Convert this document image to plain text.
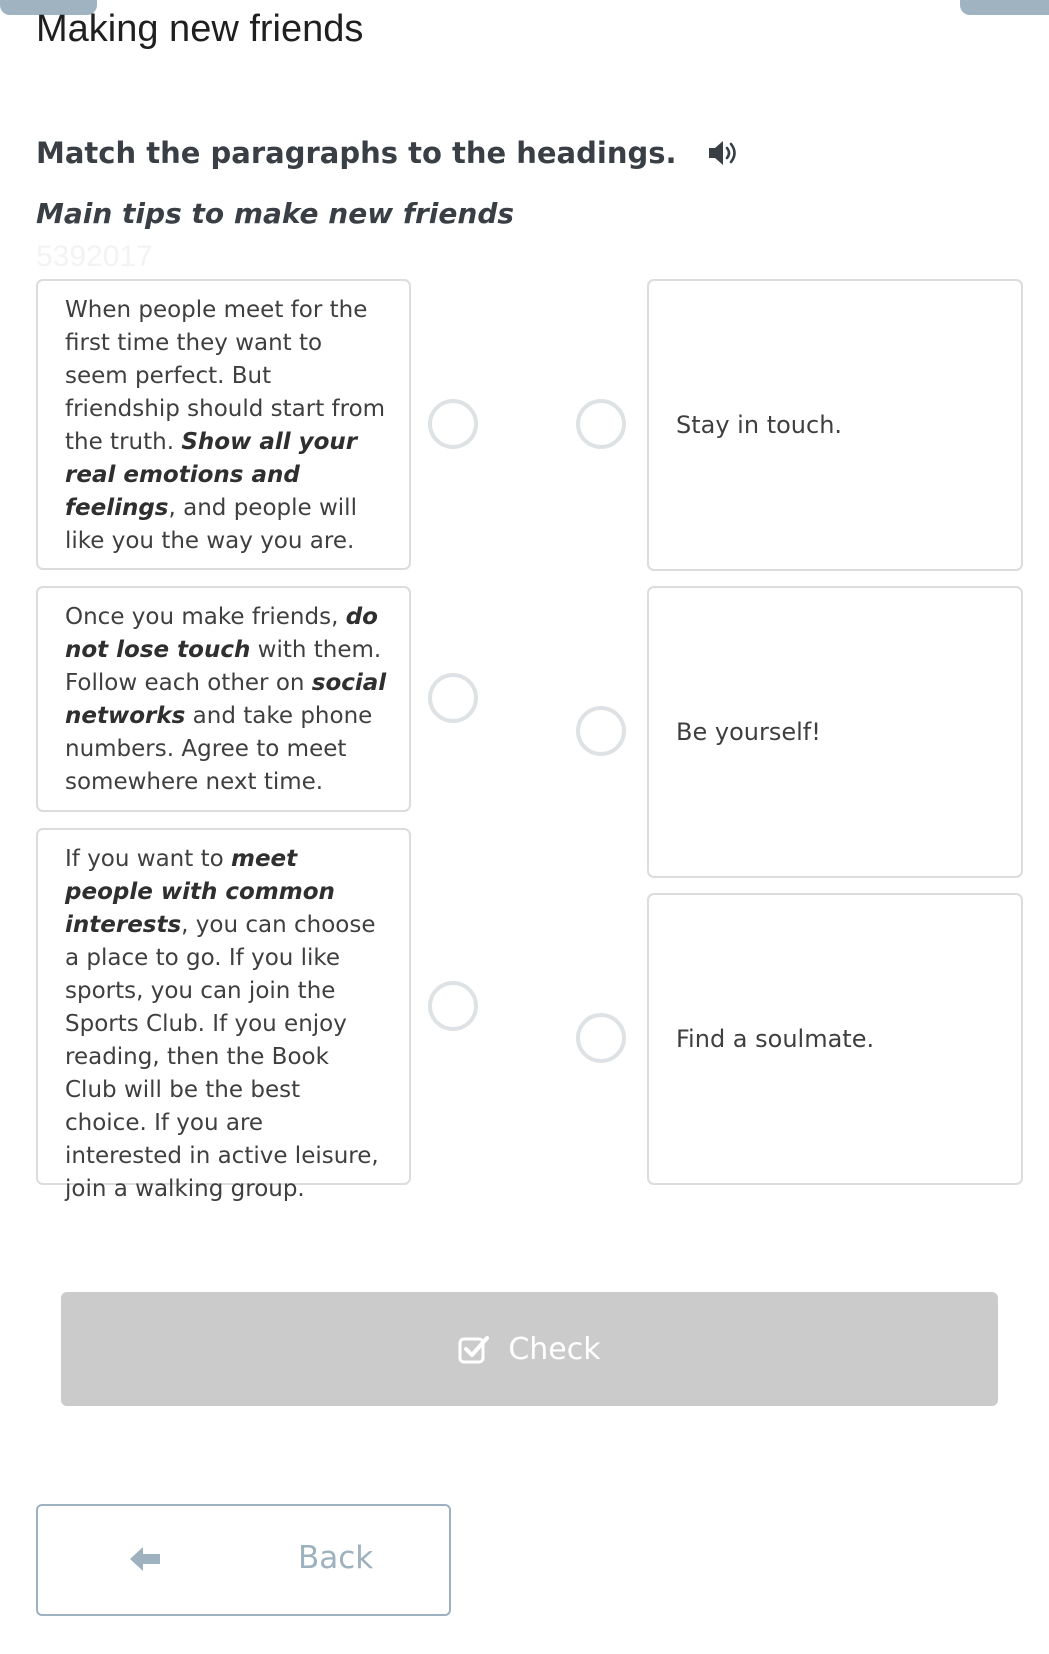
Making new friends
Match the paragraphs to the headings.
Main tips to make new friends
5392017
When people meet for the first time they want to seem perfect. But friendship should start from the truth. Show all your real emotions and feelings, and people will like you the way you are.
Once you make friends, do not lose touch with them. Follow each other on social networks and take phone numbers. Agree to meet somewhere next time.
If you want to meet people with common interests, you can choose a place to go. If you like sports, you can join the Sports Club. If you enjoy reading, then the Book Club will be the best choice. If you are interested in active leisure, join a walking group.
Stay in touch.
Be yourself!
Find a soulmate.
Check
Back
